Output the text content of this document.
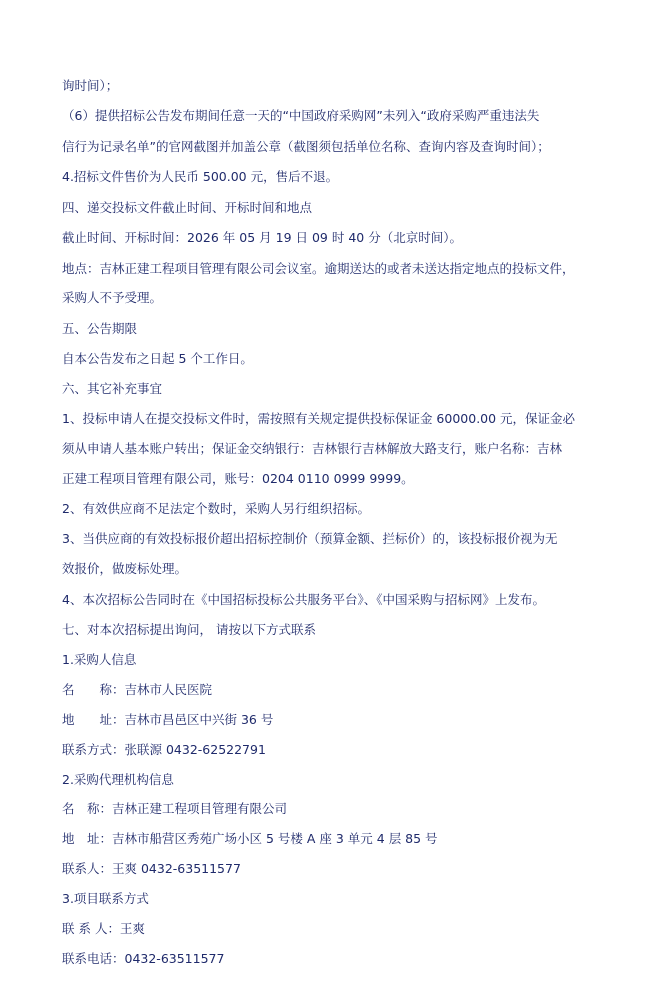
询时间）；
（6）提供招标公告发布期间任意一天的“中国政府采购网”未列入“政府采购严重违法失
信行为记录名单”的官网截图并加盖公章（截图须包括单位名称、查询内容及查询时间）；
4.招标文件售价为人民币 500.00 元，售后不退。
四、递交投标文件截止时间、开标时间和地点
截止时间、开标时间：2026 年 05 月 19 日 09 时 40 分（北京时间）。
地点：吉林正建工程项目管理有限公司会议室。逾期送达的或者未送达指定地点的投标文件，
采购人不予受理。
五、公告期限
自本公告发布之日起 5 个工作日。
六、其它补充事宜
1、投标申请人在提交投标文件时，需按照有关规定提供投标保证金 60000.00 元，保证金必
须从申请人基本账户转出；保证金交纳银行：吉林银行吉林解放大路支行，账户名称：吉林
正建工程项目管理有限公司，账号：0204 0110 0999 9999。
2、有效供应商不足法定个数时，采购人另行组织招标。
3、当供应商的有效投标报价超出招标控制价（预算金额、拦标价）的，该投标报价视为无
效报价，做废标处理。
4、本次招标公告同时在《中国招标投标公共服务平台》、《中国采购与招标网》上发布。
七、对本次招标提出询问， 请按以下方式联系
1.采购人信息
名　　称：吉林市人民医院
地　　址：吉林市昌邑区中兴街 36 号
联系方式：张联源 0432-62522791
2.采购代理机构信息
名　称：吉林正建工程项目管理有限公司
地　址：吉林市船营区秀苑广场小区 5 号楼 A 座 3 单元 4 层 85 号
联系人：王爽 0432-63511577
3.项目联系方式
联 系 人：王爽
联系电话：0432-63511577
